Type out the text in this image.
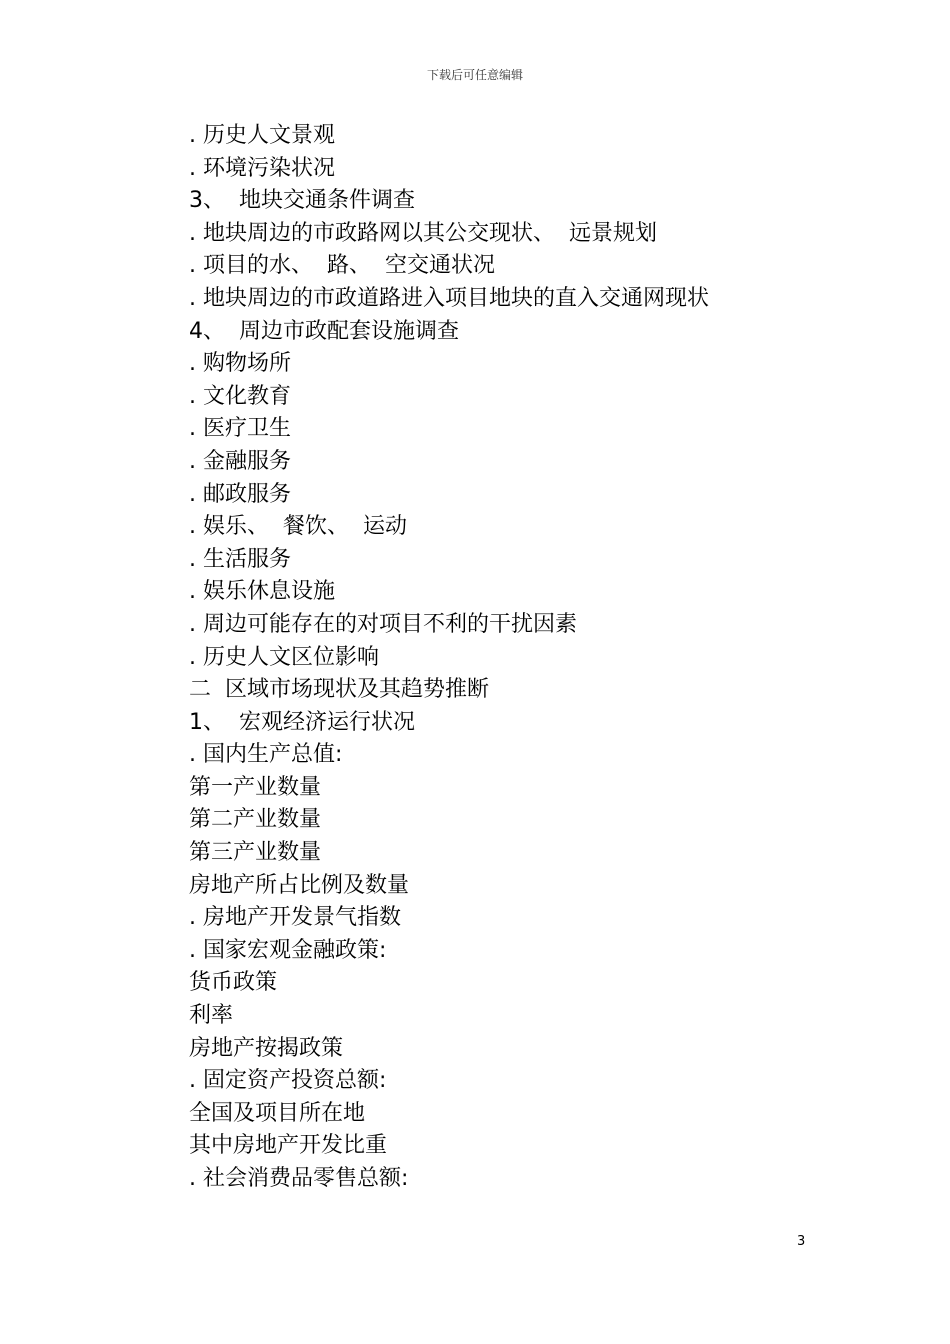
下载后可任意编辑
. 历史人文景观
. 环境污染状况
3、  地块交通条件调查
. 地块周边的市政路网以其公交现状、  远景规划
. 项目的水、  路、  空交通状况
. 地块周边的市政道路进入项目地块的直入交通网现状
4、  周边市政配套设施调查
. 购物场所
. 文化教育
. 医疗卫生
. 金融服务
. 邮政服务
. 娱乐、  餐饮、  运动
. 生活服务
. 娱乐休息设施
. 周边可能存在的对项目不利的干扰因素
. 历史人文区位影响
二  区域市场现状及其趋势推断
1、  宏观经济运行状况
. 国内生产总值:
第一产业数量
第二产业数量
第三产业数量
房地产所占比例及数量
. 房地产开发景气指数
. 国家宏观金融政策:
货币政策
利率
房地产按揭政策
. 固定资产投资总额:
全国及项目所在地
其中房地产开发比重
. 社会消费品零售总额:
3
